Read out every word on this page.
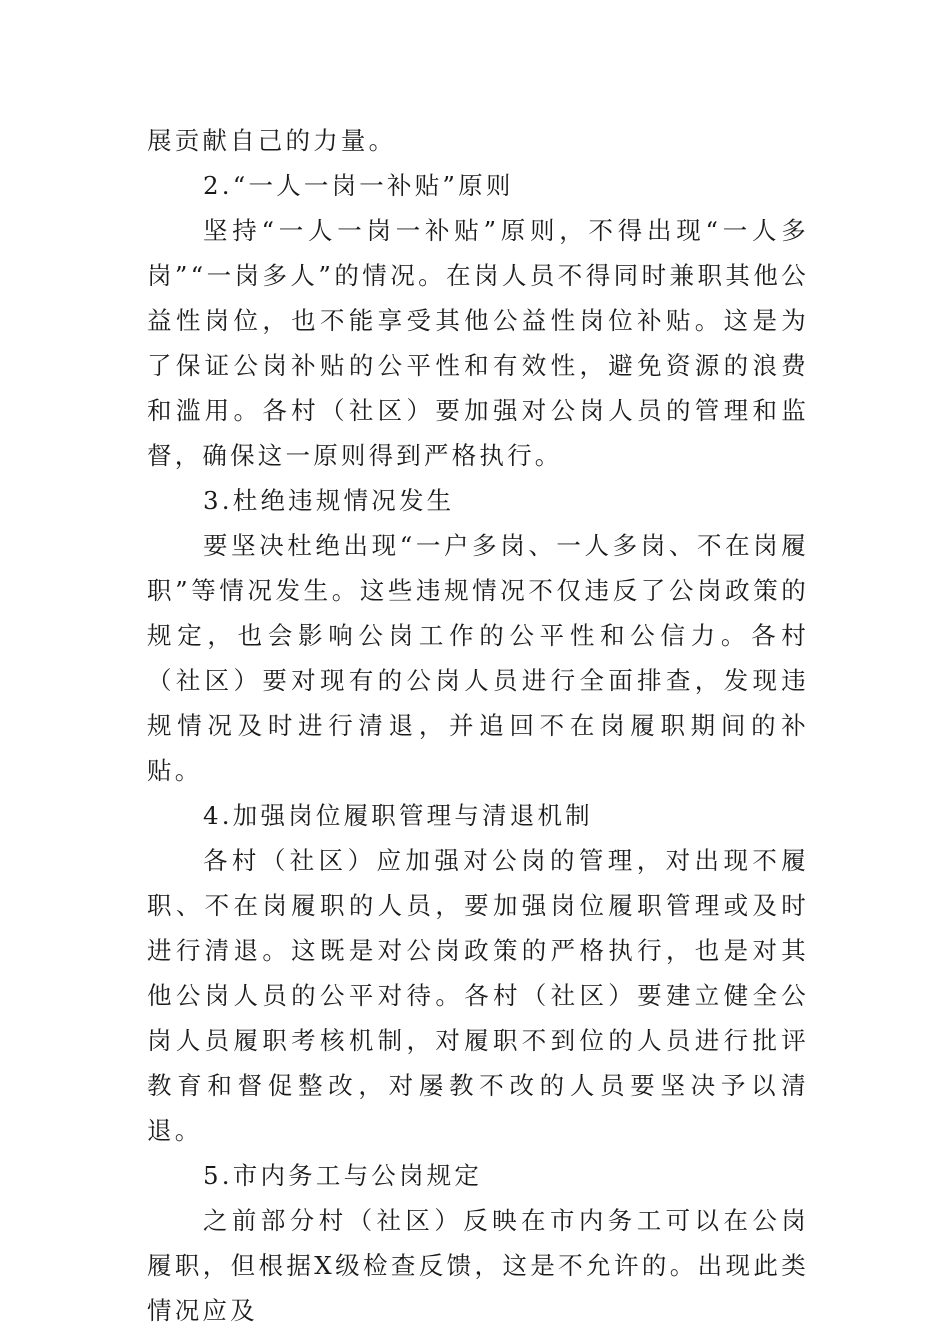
展贡献自己的力量。

2.“一人一岗一补贴”原则

坚持“一人一岗一补贴”原则，不得出现“一人多岗”“一岗多人”的情况。在岗人员不得同时兼职其他公益性岗位，也不能享受其他公益性岗位补贴。这是为了保证公岗补贴的公平性和有效性，避免资源的浪费和滥用。各村（社区）要加强对公岗人员的管理和监督，确保这一原则得到严格执行。

3.杜绝违规情况发生

要坚决杜绝出现“一户多岗、一人多岗、不在岗履职”等情况发生。这些违规情况不仅违反了公岗政策的规定，也会影响公岗工作的公平性和公信力。各村（社区）要对现有的公岗人员进行全面排查，发现违规情况及时进行清退，并追回不在岗履职期间的补贴。

4.加强岗位履职管理与清退机制

各村（社区）应加强对公岗的管理，对出现不履职、不在岗履职的人员，要加强岗位履职管理或及时进行清退。这既是对公岗政策的严格执行，也是对其他公岗人员的公平对待。各村（社区）要建立健全公岗人员履职考核机制，对履职不到位的人员进行批评教育和督促整改，对屡教不改的人员要坚决予以清退。

5.市内务工与公岗规定

之前部分村（社区）反映在市内务工可以在公岗履职，但根据X级检查反馈，这是不允许的。出现此类情况应及
